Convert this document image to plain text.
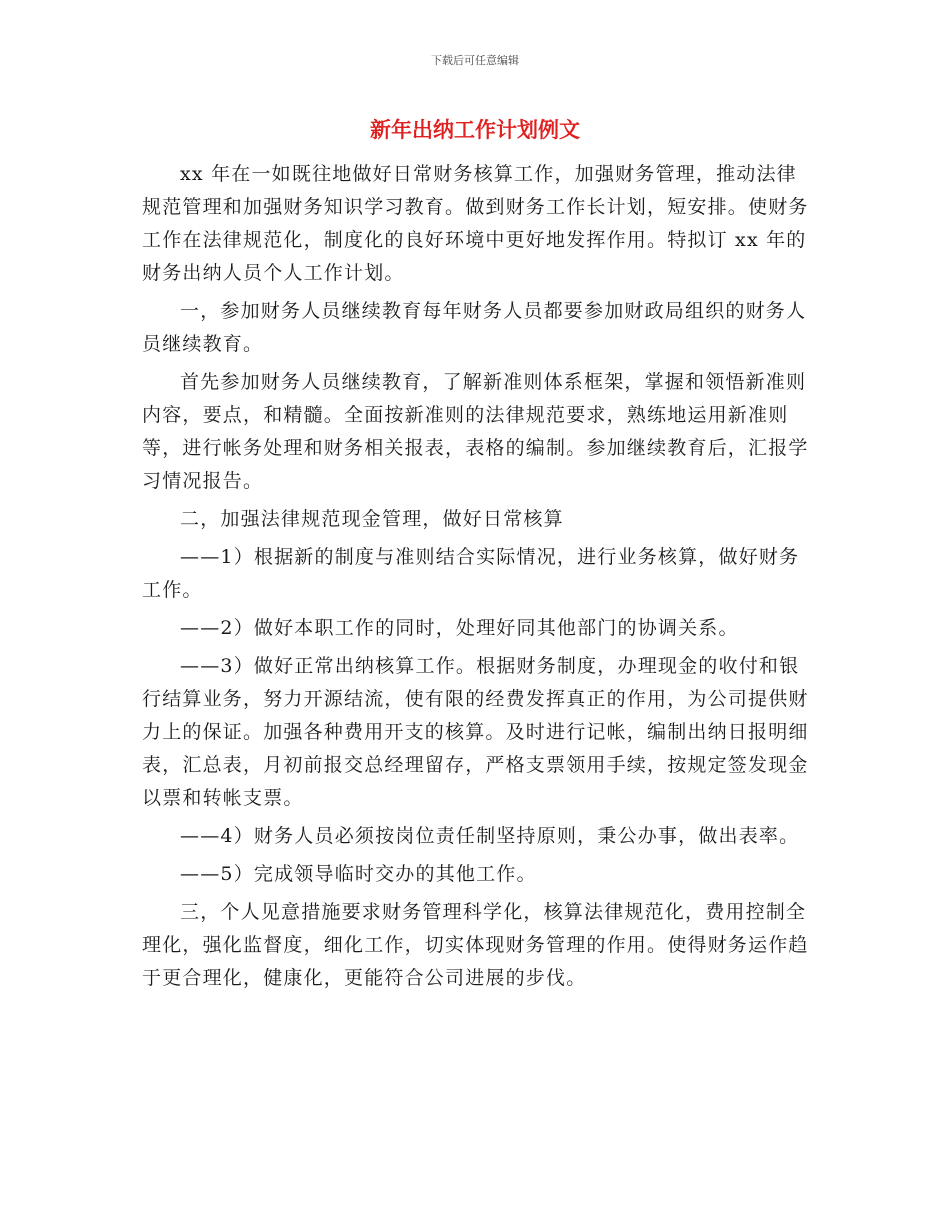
下载后可任意编辑
新年出纳工作计划例文

xx 年在一如既往地做好日常财务核算工作，加强财务管理，推动法律规范管理和加强财务知识学习教育。做到财务工作长计划，短安排。使财务工作在法律规范化，制度化的良好环境中更好地发挥作用。特拟订 xx 年的财务出纳人员个人工作计划。

一，参加财务人员继续教育每年财务人员都要参加财政局组织的财务人员继续教育。

首先参加财务人员继续教育，了解新准则体系框架，掌握和领悟新准则内容，要点，和精髓。全面按新准则的法律规范要求，熟练地运用新准则等，进行帐务处理和财务相关报表，表格的编制。参加继续教育后，汇报学习情况报告。

二，加强法律规范现金管理，做好日常核算

——1）根据新的制度与准则结合实际情况，进行业务核算，做好财务工作。

——2）做好本职工作的同时，处理好同其他部门的协调关系。

——3）做好正常出纳核算工作。根据财务制度，办理现金的收付和银行结算业务，努力开源结流，使有限的经费发挥真正的作用，为公司提供财力上的保证。加强各种费用开支的核算。及时进行记帐，编制出纳日报明细表，汇总表，月初前报交总经理留存，严格支票领用手续，按规定签发现金以票和转帐支票。

——4）财务人员必须按岗位责任制坚持原则，秉公办事，做出表率。

——5）完成领导临时交办的其他工作。

三，个人见意措施要求财务管理科学化，核算法律规范化，费用控制全理化，强化监督度，细化工作，切实体现财务管理的作用。使得财务运作趋于更合理化，健康化，更能符合公司进展的步伐。
